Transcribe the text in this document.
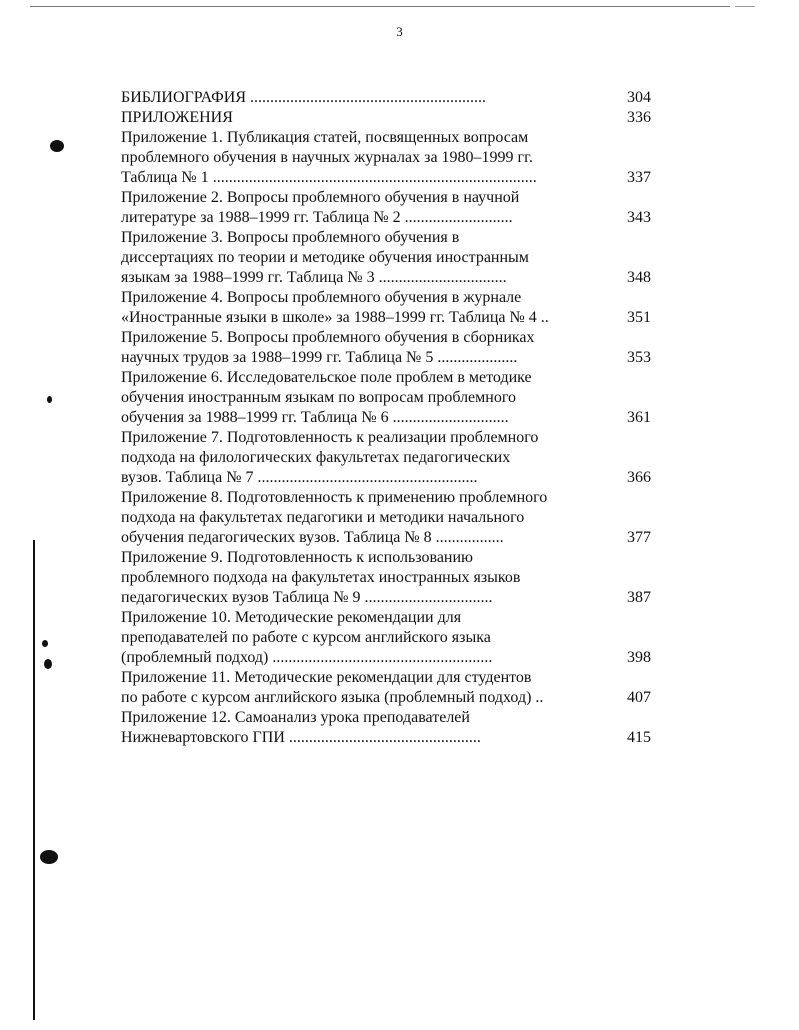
3
БИБЛИОГРАФИЯ ...........................................................	304
ПРИЛОЖЕНИЯ	336
Приложение 1. Публикация статей, посвященных вопросам
проблемного обучения в научных журналах за 1980–1999 гг.
Таблица № 1 .................................................................................	337
Приложение 2. Вопросы проблемного обучения в научной
литературе за 1988–1999 гг. Таблица № 2 ...........................	343
Приложение 3. Вопросы проблемного обучения в
диссертациях по теории и методике обучения иностранным
языкам за 1988–1999 гг. Таблица № 3 ................................	348
Приложение 4. Вопросы проблемного обучения в журнале
«Иностранные языки в школе» за 1988–1999 гг. Таблица № 4 ..	351
Приложение 5. Вопросы проблемного обучения в сборниках
научных трудов за 1988–1999 гг. Таблица № 5 ....................	353
Приложение 6. Исследовательское поле проблем в методике
обучения иностранным языкам по вопросам проблемного
обучения за 1988–1999 гг. Таблица № 6 .............................	361
Приложение 7. Подготовленность к реализации проблемного
подхода на филологических факультетах педагогических
вузов. Таблица № 7 .......................................................	366
Приложение 8. Подготовленность к применению проблемного
подхода на факультетах педагогики и методики начального
обучения педагогических вузов. Таблица № 8 .................	377
Приложение 9. Подготовленность к использованию
проблемного подхода на факультетах иностранных языков
педагогических вузов Таблица № 9 ................................	387
Приложение 10. Методические рекомендации для
преподавателей по работе с курсом английского языка
(проблемный подход) .......................................................	398
Приложение 11. Методические рекомендации для студентов
по работе с курсом английского языка (проблемный подход) ..	407
Приложение 12. Самоанализ урока преподавателей
Нижневартовского ГПИ ................................................	415
